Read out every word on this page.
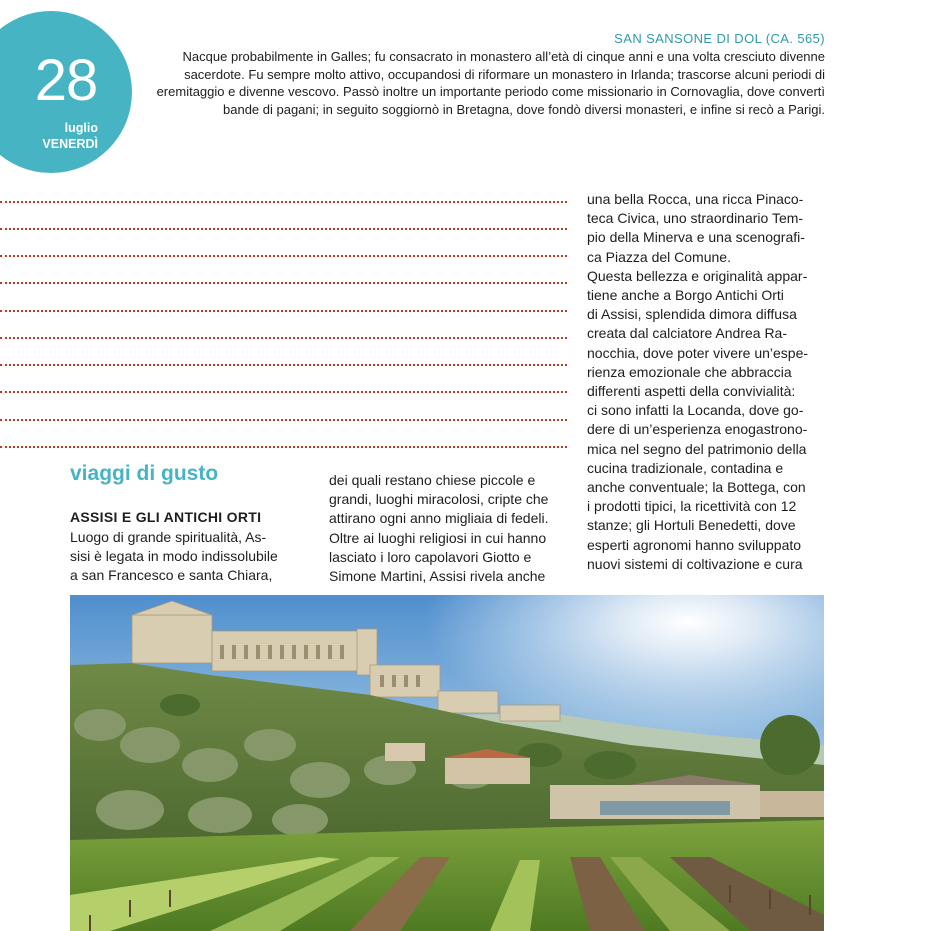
28
luglio
VENERDÌ
SAN SANSONE DI DOL (CA. 565)
Nacque probabilmente in Galles; fu consacrato in monastero all’età di cinque anni e una volta cresciuto divenne sacerdote. Fu sempre molto attivo, occupandosi di riformare un monastero in Irlanda; trascorse alcuni periodi di eremitaggio e divenne vescovo. Passò inoltre un importante periodo come missionario in Cornovaglia, dove convertì bande di pagani; in seguito soggiornò in Bretagna, dove fondò diversi monasteri, e infine si recò a Parigi.
viaggi di gusto
ASSISI E GLI ANTICHI ORTI
Luogo di grande spiritualità, As-
sisi è legata in modo indissolubile
a san Francesco e santa Chiara,
dei quali restano chiese piccole e
grandi, luoghi miracolosi, cripte che
attirano ogni anno migliaia di fedeli.
Oltre ai luoghi religiosi in cui hanno
lasciato i loro capolavori Giotto e
Simone Martini, Assisi rivela anche
una bella Rocca, una ricca Pinaco-
teca Civica, uno straordinario Tem-
pio della Minerva e una scenografi-
ca Piazza del Comune.
Questa bellezza e originalità appar-
tiene anche a Borgo Antichi Orti
di Assisi, splendida dimora diffusa
creata dal calciatore Andrea Ra-
nocchia, dove poter vivere un’espe-
rienza emozionale che abbraccia
differenti aspetti della convivialità:
ci sono infatti la Locanda, dove go-
dere di un’esperienza enogastrono-
mica nel segno del patrimonio della
cucina tradizionale, contadina e
anche conventuale; la Bottega, con
i prodotti tipici, la ricettività con 12
stanze; gli Hortuli Benedetti, dove
esperti agronomi hanno sviluppato
nuovi sistemi di coltivazione e cura
